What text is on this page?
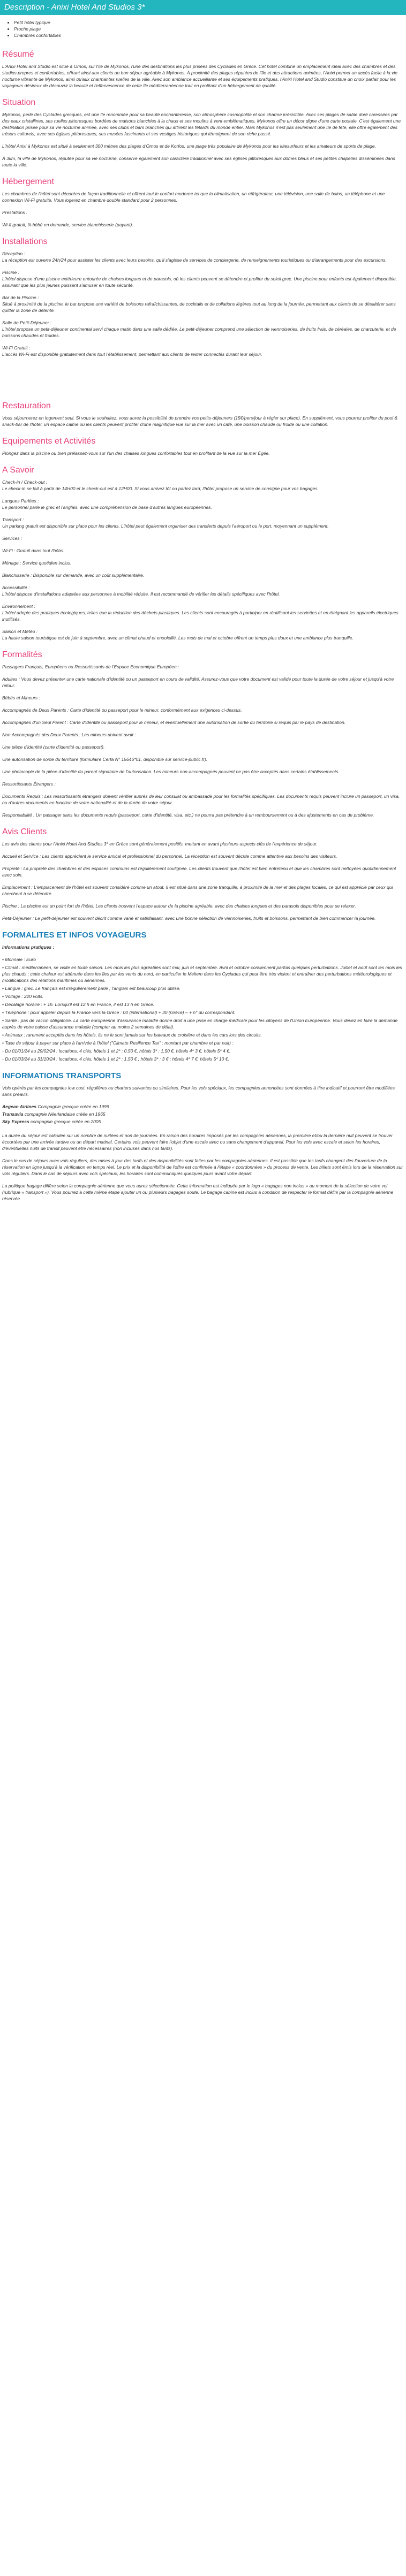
Description - Anixi Hotel And Studios 3*
• Petit hôtel typique
• Proche plage
• Chambres confortables
Résumé

L'Anixi Hotel and Studio est situé à Ornos, sur l'île de Mykonos, l'une des destinations les plus prisées des Cyclades en Grèce. Cet hôtel combine un emplacement idéal avec des chambres et des studios propres et confortables, offrant ainsi aux clients un bon séjour agréable à Mykonos. À proximité des plages réputées de l'île et des attractions animées, l'Anixi permet un accès facile à la vie nocturne vibrante de Mykonos, ainsi qu'aux charmantes ruelles de la ville. Avec son ambiance accueillante et ses équipements pratiques, l'Anixi Hotel and Studio constitue un choix parfait pour les voyageurs désireux de découvrir la beauté et l'effervescence de cette île méditerranéenne tout en profitant d'un hébergement de qualité.

Situation

Mykonos, perle des Cyclades grecques, est une île renommée pour sa beauté enchanteresse, son atmosphère cosmopolite et son charme irrésistible. Avec ses plages de sable doré caressées par des eaux cristallines, ses ruelles pittoresques bordées de maisons blanchies à la chaux et ses moulins à vent emblématiques, Mykonos offre un décor digne d'une carte postale. C'est également une destination prisée pour sa vie nocturne animée, avec ses clubs et bars branchés qui attirent les fêtards du monde entier. Mais Mykonos n'est pas seulement une île de fête, elle offre également des trésors culturels, avec ses églises pittoresques, ses musées fascinants et ses vestiges historiques qui témoignent de son riche passé.

L'hôtel Anixi à Mykonos est situé à seulement 300 mètres des plages d'Ornos et de Korfos, une plage très populaire de Mykonos pour les kitesurfeurs et les amateurs de sports de plage.

À 3km, la ville de Mykonos, réputée pour sa vie nocturne, conserve également son caractère traditionnel avec ses églises pittoresques aux dômes bleus et ses petites chapelles disséminées dans toute la ville.

Hébergement

Les chambres de l'hôtel sont décorées de façon traditionnelle et offrent tout le confort moderne tel que la climatisation, un réfrigérateur, une télévision, une salle de bains, un téléphone et une connexion Wi-Fi gratuite. Vous logerez en chambre double standard pour 2 personnes.

Prestations :

Wi-fi gratuit, lit-bébé en demande, service blanchisserie (payant).

Installations

Réception :
La réception est ouverte 24h/24 pour assister les clients avec leurs besoins, qu'il s'agisse de services de conciergerie, de renseignements touristiques ou d'arrangements pour des excursions.

Piscine :
L'hôtel dispose d'une piscine extérieure entourée de chaises longues et de parasols, où les clients peuvent se détendre et profiter du soleil grec. Une piscine pour enfants est également disponible, assurant que les plus jeunes puissent s'amuser en toute sécurité.

Bar de la Piscine :
Situé à proximité de la piscine, le bar propose une variété de boissons rafraîchissantes, de cocktails et de collations légères tout au long de la journée, permettant aux clients de se désaltérer sans quitter la zone de détente.

Salle de Petit-Déjeuner :
L'hôtel propose un petit-déjeuner continental servi chaque matin dans une salle dédiée. Le petit-déjeuner comprend une sélection de viennoiseries, de fruits frais, de céréales, de charcuterie, et de boissons chaudes et froides.

Wi-Fi Gratuit :
L'accès Wi-Fi est disponible gratuitement dans tout l'établissement, permettant aux clients de rester connectés durant leur séjour.

Restauration

Vous séjournerez en logement seul. Si vous le souhaitez, vous aurez la possibilité de prendre vos petits-déjeuners (15€/pers/jour à régler sur place). En supplément, vous pourrez profiter du pool & snack-bar de l'hôtel, un espace calme où les clients peuvent profiter d'une magnifique vue sur la mer avec un café, une boisson chaude ou froide ou une collation.

Equipements et Activités

Plongez dans la piscine ou bien prélassez-vous sur l'un des chaises longues confortables tout en profitant de la vue sur la mer Égée.

A Savoir

Check-in / Check-out :
Le check-in se fait à partir de 14H00 et le check-out est à 12H00. Si vous arrivez tôt ou partez tard, l'hôtel propose un service de consigne pour vos bagages.

Langues Parlées :
Le personnel parle le grec et l'anglais, avec une compréhension de base d'autres langues européennes.

Transport :
Un parking gratuit est disponible sur place pour les clients. L'hôtel peut également organiser des transferts depuis l'aéroport ou le port, moyennant un supplément.

Services :

Wi-Fi : Gratuit dans tout l'hôtel.

Ménage : Service quotidien inclus.

Blanchisserie : Disponible sur demande, avec un coût supplémentaire.

Accessibilité :
L'hôtel dispose d'installations adaptées aux personnes à mobilité réduite. Il est recommandé de vérifier les détails spécifiques avec l'hôtel.

Environnement :
L'hôtel adopte des pratiques écologiques, telles que la réduction des déchets plastiques. Les clients sont encouragés à participer en réutilisant les serviettes et en éteignant les appareils électriques inutilisés.

Saison et Météo :
La haute saison touristique est de juin à septembre, avec un climat chaud et ensoleillé. Les mois de mai et octobre offrent un temps plus doux et une ambiance plus tranquille.

Formalités

Passagers Français, Européens ou Ressortissants de l'Espace Economique Européen :

Adultes : Vous devez présenter une carte nationale d'identité ou un passeport en cours de validité. Assurez-vous que votre document est valide pour toute la durée de votre séjour et jusqu'à votre retour.

Bébés et Mineurs :

Accompagnés de Deux Parents : Carte d'identité ou passeport pour le mineur, conformément aux exigences ci-dessus.

Accompagnés d'un Seul Parent : Carte d'identité ou passeport pour le mineur, et éventuellement une autorisation de sortie du territoire si requis par le pays de destination.

Non Accompagnés des Deux Parents : Les mineurs doivent avoir :

Une pièce d'identité (carte d'identité ou passeport).

Une autorisation de sortie du territoire (formulaire Cerfa N° 15646*01, disponible sur service-public.fr).

Une photocopie de la pièce d'identité du parent signataire de l'autorisation. Les mineurs non-accompagnés peuvent ne pas être acceptés dans certains établissements.

Ressortissants Étrangers :

Documents Requis : Les ressortissants étrangers doivent vérifier auprès de leur consulat ou ambassade pour les formalités spécifiques. Les documents requis peuvent inclure un passeport, un visa, ou d'autres documents en fonction de votre nationalité et de la durée de votre séjour.

Responsabilité : Un passager sans les documents requis (passeport, carte d'identité, visa, etc.) ne pourra pas prétendre à un remboursement ou à des ajustements en cas de problème.

Avis Clients

Les avis des clients pour l'Anixi Hotel And Studios 3* en Grèce sont généralement positifs, mettant en avant plusieurs aspects clés de l'expérience de séjour.

Accueil et Service : Les clients apprécient le service amical et professionnel du personnel. La réception est souvent décrite comme attentive aux besoins des visiteurs.

Propreté : La propreté des chambres et des espaces communs est régulièrement soulignée. Les clients trouvent que l'hôtel est bien entretenu et que les chambres sont nettoyées quotidiennement avec soin.

Emplacement : L'emplacement de l'hôtel est souvent considéré comme un atout. Il est situé dans une zone tranquille, à proximité de la mer et des plages locales, ce qui est apprécié par ceux qui cherchent à se détendre.

Piscine : La piscine est un point fort de l'hôtel. Les clients trouvent l'espace autour de la piscine agréable, avec des chaises longues et des parasols disponibles pour se relaxer.

Petit-Déjeuner : Le petit-déjeuner est souvent décrit comme varié et satisfaisant, avec une bonne sélection de viennoiseries, fruits et boissons, permettant de bien commencer la journée.

FORMALITES ET INFOS VOYAGEURS

Informations pratiques :

• Monnaie : Euro

• Climat : méditerranéen, se visite en toute saison. Les mois les plus agréables sont mai, juin et septembre. Avril et octobre conviennent parfois quelques perturbations. Juillet et août sont les mois les plus chauds ; cette chaleur est atténuée dans les îles par les vents du nord, en particulier le Meltem dans les Cyclades qui peut être très violent et entraîner des perturbations météorologiques et modifications des relations maritimes ou aériennes.

• Langue : grec. Le français est irrégulièrement parlé ; l'anglais est beaucoup plus utilisé.

• Voltage : 220 volts.

• Décalage horaire : + 1h. Lorsqu'il est 12 h en France, il est 13 h en Grèce.

• Téléphone : pour appeler depuis la France vers la Grèce : 00 (international) + 30 (Grèce) – + n° du correspondant.

• Santé : pas de vaccin obligatoire. La carte européenne d'assurance maladie donne droit à une prise en charge médicale pour les citoyens de l'Union Européenne. Vous devez en faire la demande auprès de votre caisse d'assurance maladie (compter au moins 2 semaines de délai).

• Animaux : rarement acceptés dans les hôtels, ils ne le sont jamais sur les bateaux de croisière et dans les cars lors des circuits.

• Taxe de séjour à payer sur place à l'arrivée à l'hôtel ("Climate Resilience Tax" : montant par chambre et par nuit) :

- Du 01/01/24 au 29/02/24 : locations, 4 clés, hôtels 1 et 2* : 0,50 €, hôtels 3* : 1,50 €, hôtels 4* 3 €, hôtels 5* 4 €.

- Du 01/03/24 au 31/10/24 : locations, 4 clés, hôtels 1 et 2* : 1,50 € ; hôtels 3* : 3 € ; hôtels 4* 7 €, hôtels 5* 10 €.

INFORMATIONS TRANSPORTS

Vols opérés par les compagnies low cost, régulières ou charters suivantes ou similaires. Pour les vols spéciaux, les compagnies annoncées sont données à titre indicatif et pourront être modifiées sans préavis.

Aegean Airlines Compagnie grecque créée en 1999

Transavia compagnie Néerlandaise créée en 1965

Sky Express compagnie grecque créée en 2005

La durée du séjour est calculée sur un nombre de nuitées et non de journées. En raison des horaires imposés par les compagnies aériennes, la première et/ou la dernière nuit peuvent se trouver écourtées par une arrivée tardive ou un départ matinal. Certains vols peuvent faire l'objet d'une escale avec ou sans changement d'appareil. Pour les vols avec escale et selon les horaires, d'éventuelles nuits de transit peuvent être nécessaires (non incluses dans nos tarifs).

Dans le cas de séjours avec vols réguliers, des mises à jour des tarifs et des disponibilités sont faites par les compagnies aériennes. Il est possible que les tarifs changent dès l'ouverture de la réservation en ligne jusqu'à la vérification en temps réel. Le prix et la disponibilité de l'offre est confirmée à l'étape « coordonnées » du process de vente. Les billets sont émis lors de la réservation sur vols réguliers. Dans le cas de séjours avec vols spéciaux, les horaires sont communiqués quelques jours avant votre départ.

La politique bagage diffère selon la compagnie aérienne que vous aurez sélectionnée. Cette information est indiquée par le logo « bagages non inclus » au moment de la sélection de votre vol (rubrique « transport »). Vous pourrez à cette même étape ajouter un ou plusieurs bagages soute. Le bagage cabine est inclus à condition de respecter le format défini par la compagnie aérienne réservée.
